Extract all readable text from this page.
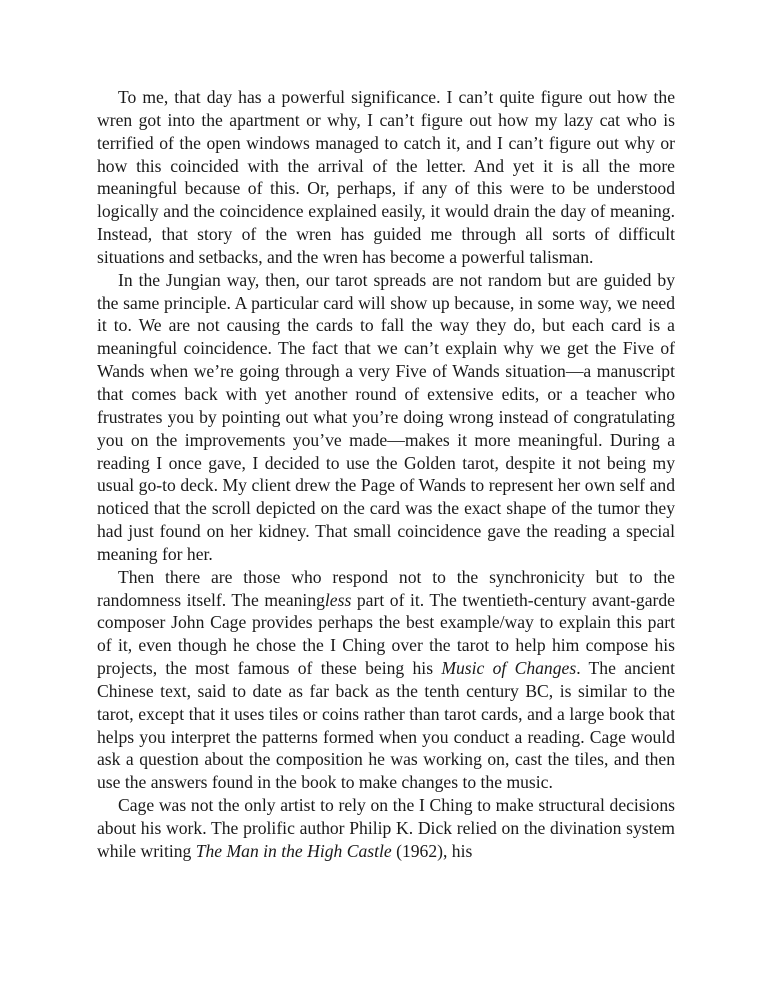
To me, that day has a powerful significance. I can’t quite figure out how the wren got into the apartment or why, I can’t figure out how my lazy cat who is terrified of the open windows managed to catch it, and I can’t figure out why or how this coincided with the arrival of the letter. And yet it is all the more meaningful because of this. Or, perhaps, if any of this were to be understood logically and the coincidence explained easily, it would drain the day of meaning. Instead, that story of the wren has guided me through all sorts of difficult situations and setbacks, and the wren has become a powerful talisman.

In the Jungian way, then, our tarot spreads are not random but are guided by the same principle. A particular card will show up because, in some way, we need it to. We are not causing the cards to fall the way they do, but each card is a meaningful coincidence. The fact that we can’t explain why we get the Five of Wands when we’re going through a very Five of Wands situation—a manuscript that comes back with yet another round of extensive edits, or a teacher who frustrates you by pointing out what you’re doing wrong instead of congratulating you on the improvements you’ve made—makes it more meaningful. During a reading I once gave, I decided to use the Golden tarot, despite it not being my usual go-to deck. My client drew the Page of Wands to represent her own self and noticed that the scroll depicted on the card was the exact shape of the tumor they had just found on her kidney. That small coincidence gave the reading a special meaning for her.

Then there are those who respond not to the synchronicity but to the randomness itself. The meaningless part of it. The twentieth-century avant-garde composer John Cage provides perhaps the best example/way to explain this part of it, even though he chose the I Ching over the tarot to help him compose his projects, the most famous of these being his Music of Changes. The ancient Chinese text, said to date as far back as the tenth century BC, is similar to the tarot, except that it uses tiles or coins rather than tarot cards, and a large book that helps you interpret the patterns formed when you conduct a reading. Cage would ask a question about the composition he was working on, cast the tiles, and then use the answers found in the book to make changes to the music.

Cage was not the only artist to rely on the I Ching to make structural decisions about his work. The prolific author Philip K. Dick relied on the divination system while writing The Man in the High Castle (1962), his
